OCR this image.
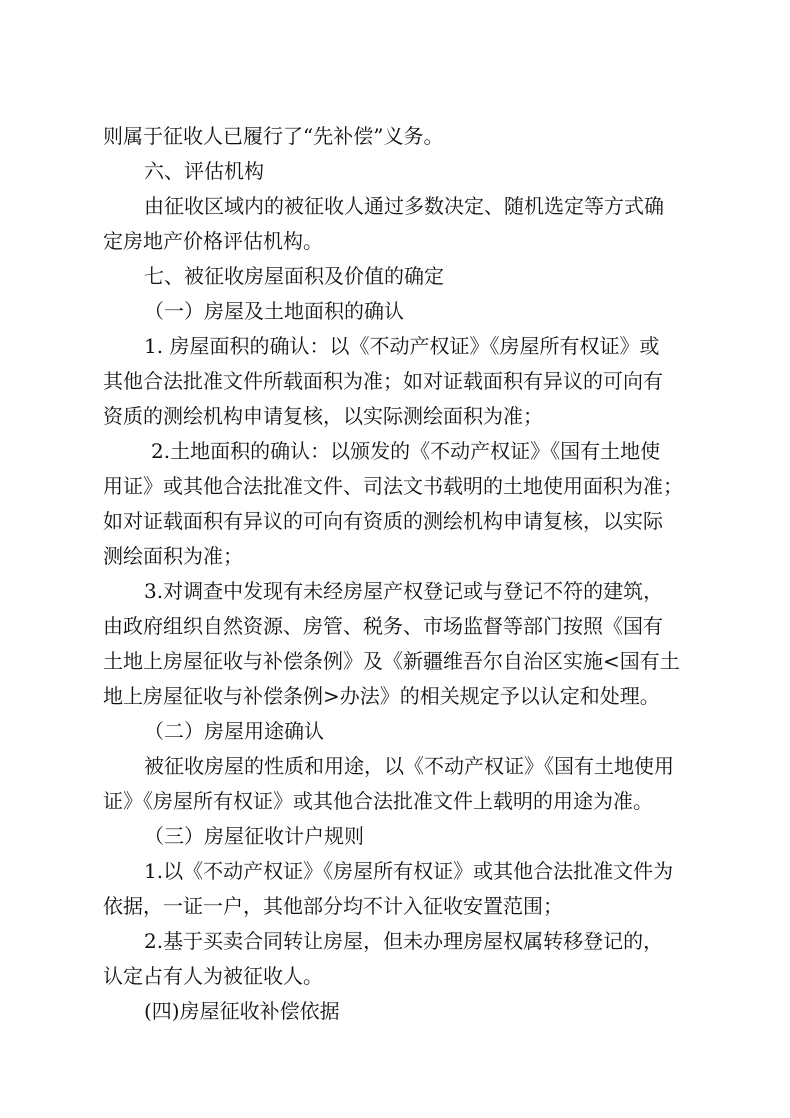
则属于征收人已履行了“先补偿”义务。
六、评估机构
由征收区域内的被征收人通过多数决定、随机选定等方式确
定房地产价格评估机构。
七、被征收房屋面积及价值的确定
（一）房屋及土地面积的确认
1. 房屋面积的确认：以《不动产权证》《房屋所有权证》或
其他合法批准文件所载面积为准；如对证载面积有异议的可向有
资质的测绘机构申请复核，以实际测绘面积为准；
2.土地面积的确认：以颁发的《不动产权证》《国有土地使
用证》或其他合法批准文件、司法文书载明的土地使用面积为准；
如对证载面积有异议的可向有资质的测绘机构申请复核，以实际
测绘面积为准；
3.对调查中发现有未经房屋产权登记或与登记不符的建筑，
由政府组织自然资源、房管、税务、市场监督等部门按照《国有
土地上房屋征收与补偿条例》及《新疆维吾尔自治区实施<国有土
地上房屋征收与补偿条例>办法》的相关规定予以认定和处理。
（二）房屋用途确认
被征收房屋的性质和用途，以《不动产权证》《国有土地使用
证》《房屋所有权证》或其他合法批准文件上载明的用途为准。
（三）房屋征收计户规则
1.以《不动产权证》《房屋所有权证》或其他合法批准文件为
依据，一证一户，其他部分均不计入征收安置范围；
2.基于买卖合同转让房屋，但未办理房屋权属转移登记的，
认定占有人为被征收人。
(四)房屋征收补偿依据
